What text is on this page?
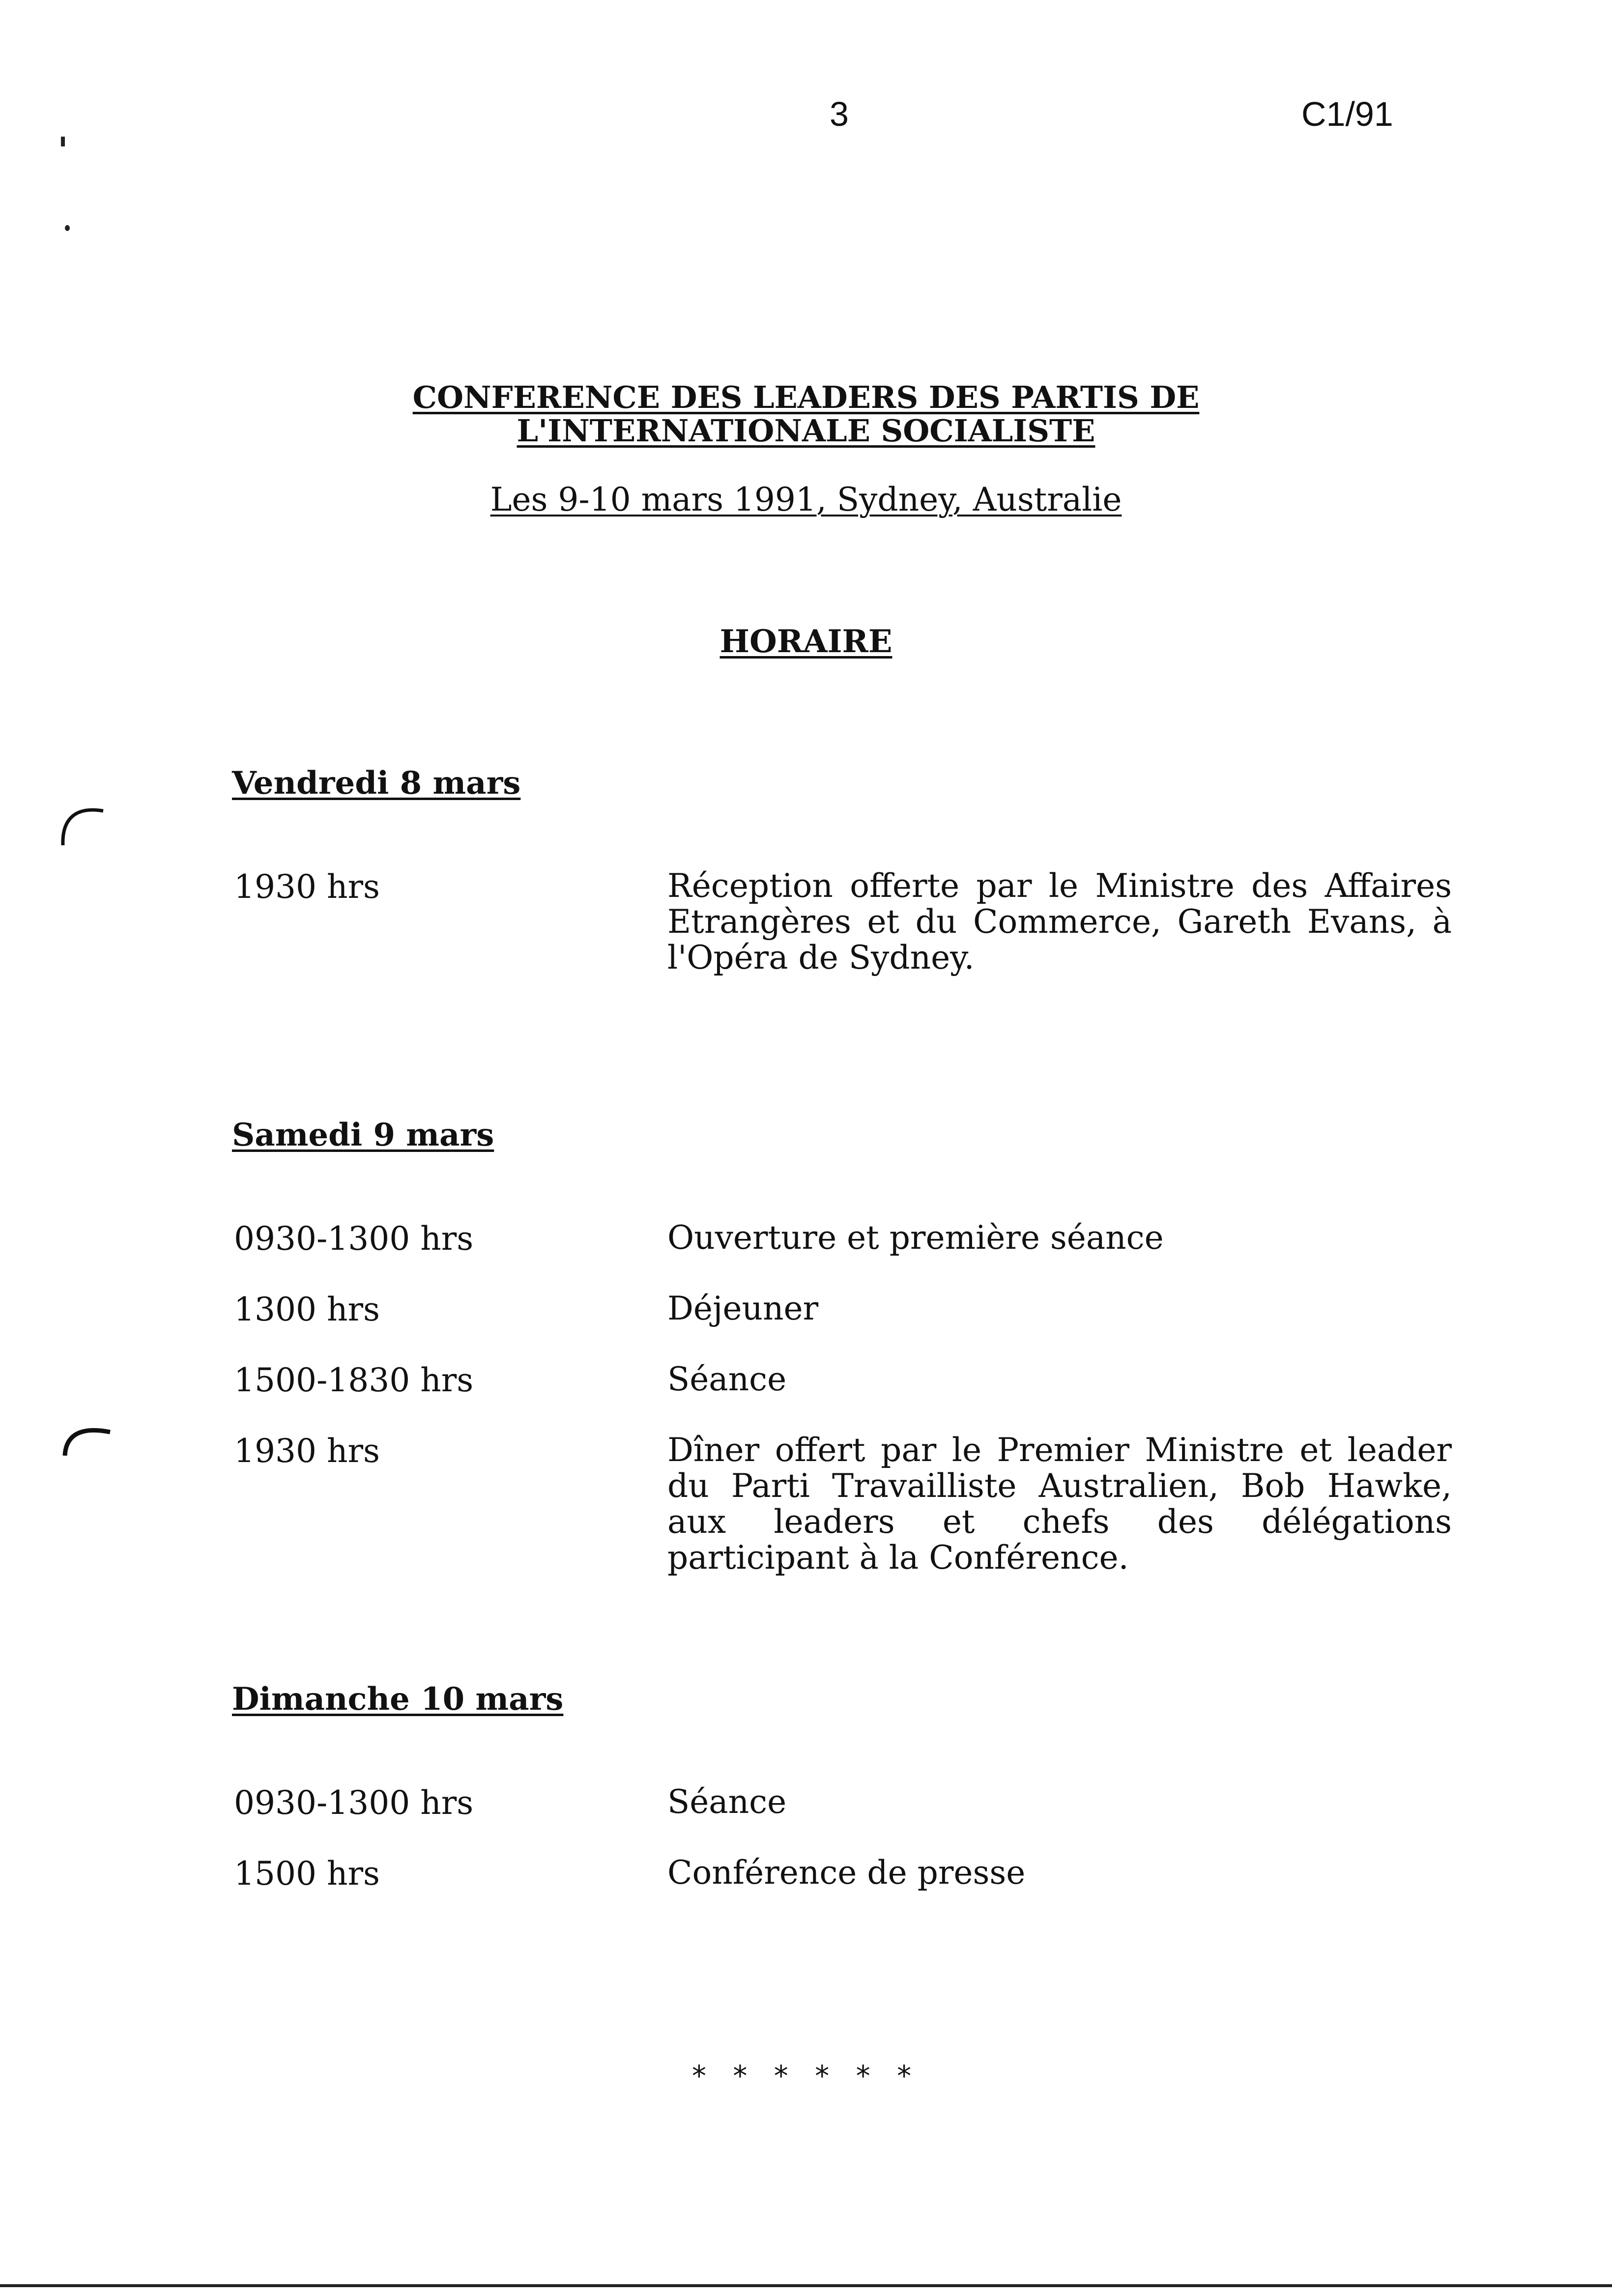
3	C1/91
CONFERENCE DES LEADERS DES PARTIS DE
L'INTERNATIONALE SOCIALISTE
Les 9-10 mars 1991, Sydney, Australie
HORAIRE
Vendredi 8 mars
1930 hrs	Réception offerte par le Ministre des Affaires Etrangères et du Commerce, Gareth Evans, à l'Opéra de Sydney.
Samedi 9 mars
0930-1300 hrs	Ouverture et première séance
1300 hrs	Déjeuner
1500-1830 hrs	Séance
1930 hrs	Dîner offert par le Premier Ministre et leader du Parti Travailliste Australien, Bob Hawke, aux leaders et chefs des délégations participant à la Conférence.
Dimanche 10 mars
0930-1300 hrs	Séance
1500 hrs	Conférence de presse
* * * * * *
